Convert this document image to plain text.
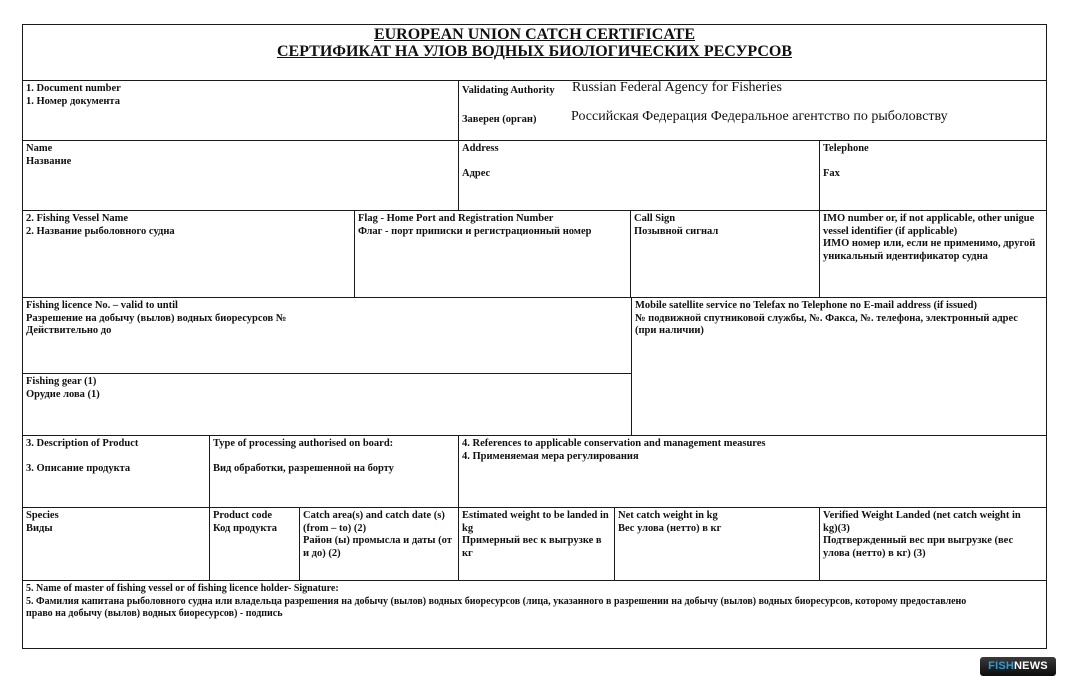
EUROPEAN UNION CATCH CERTIFICATE
СЕРТИФИКАТ НА УЛОВ ВОДНЫХ БИОЛОГИЧЕСКИХ РЕСУРСОВ
1. Document number
1. Номер документа
Validating Authority Russian Federal Agency for Fisheries
Заверен (орган) Российская Федерация Федеральное агентство по рыболовству
Name
Название
Address
Адрес
Telephone
Fax
2. Fishing Vessel Name
2. Название рыболовного судна
Flag - Home Port and Registration Number
Флаг - порт приписки и регистрационный номер
Call Sign
Позывной сигнал
IMO number or, if not applicable, other unigue
vessel identifier (if applicable)
ИМО номер или, если не применимо, другой
уникальный идентификатор судна
Fishing licence No. – valid to until
Разрешение на добычу (вылов) водных биоресурсов №
Действительно до
Fishing gear (1)
Орудие лова (1)
Mobile satellite service no Telefax no Telephone no E-mail address (if issued)
№ подвижной спутниковой службы, №. Факса, №. телефона, электронный адрес
(при наличии)
3. Description of Product
3. Описание продукта
Type of processing authorised on board:
Вид обработки, разрешенной на борту
4. References to applicable conservation and management measures
4. Применяемая мера регулирования
Species
Виды
Product code
Код продукта
Catch area(s) and catch date (s)
(from – to) (2)
Район (ы) промысла и даты (от
и до) (2)
Estimated weight to be landed in
kg
Примерный вес к выгрузке в
кг
Net catch weight in kg
Вес улова (нетто) в кг
Verified Weight Landed (net catch weight in
kg)(3)
Подтвержденный вес при выгрузке (вес
улова (нетто) в кг) (3)
5. Name of master of fishing vessel or of fishing licence holder- Signature:
5. Фамилия капитана рыболовного судна или владельца разрешения на добычу (вылов) водных биоресурсов (лица, указанного в разрешении на добычу (вылов) водных биоресурсов, которому предоставлено
право на добычу (вылов) водных биоресурсов) - подпись
FISHNEWS
